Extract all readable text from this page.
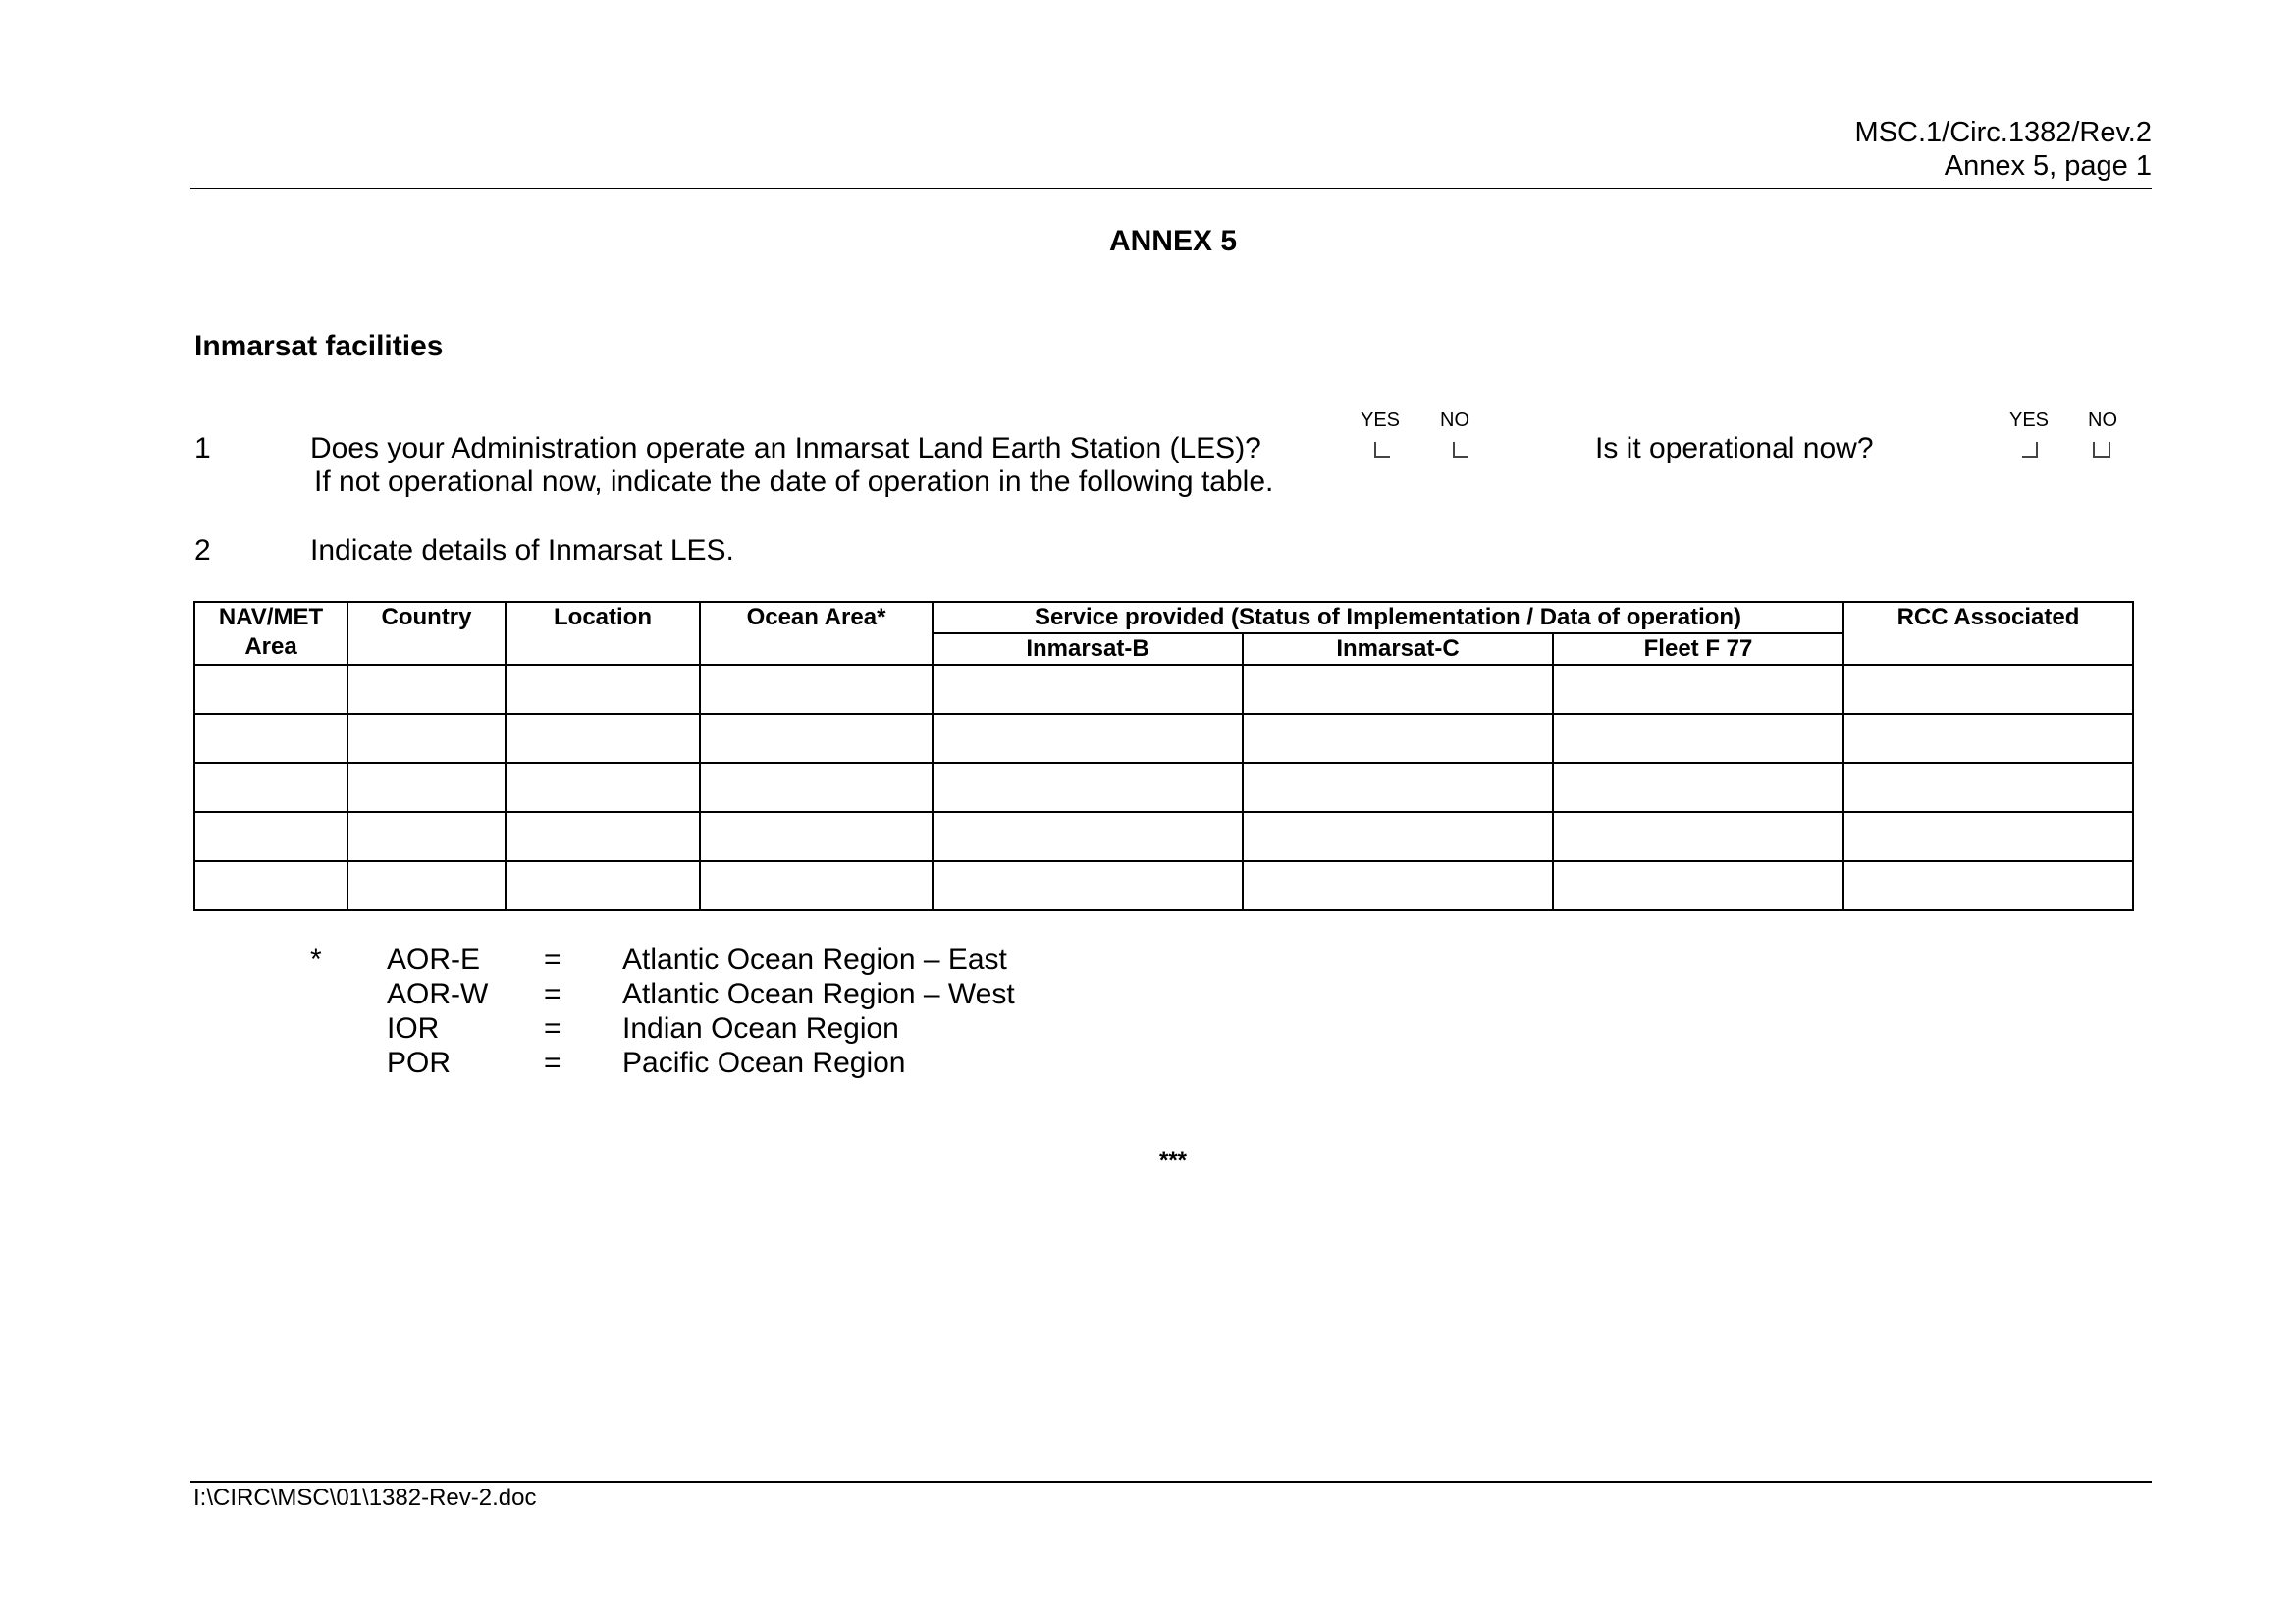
MSC.1/Circ.1382/Rev.2
Annex 5, page 1
ANNEX 5
Inmarsat facilities
YES NO	YES NO
1	Does your Administration operate an Inmarsat Land Earth Station (LES)?
If not operational now, indicate the date of operation in the following table.
Is it operational now?
2	Indicate details of Inmarsat LES.
NAV/MET Area	Country	Location	Ocean Area*	Service provided (Status of Implementation / Data of operation)			RCC Associated
				Inmarsat-B	Inmarsat-C	Fleet F 77	

* AOR-E = Atlantic Ocean Region – East
AOR-W = Atlantic Ocean Region – West
IOR	= Indian Ocean Region
POR	= Pacific Ocean Region
***
I:\CIRC\MSC\01\1382-Rev-2.doc
